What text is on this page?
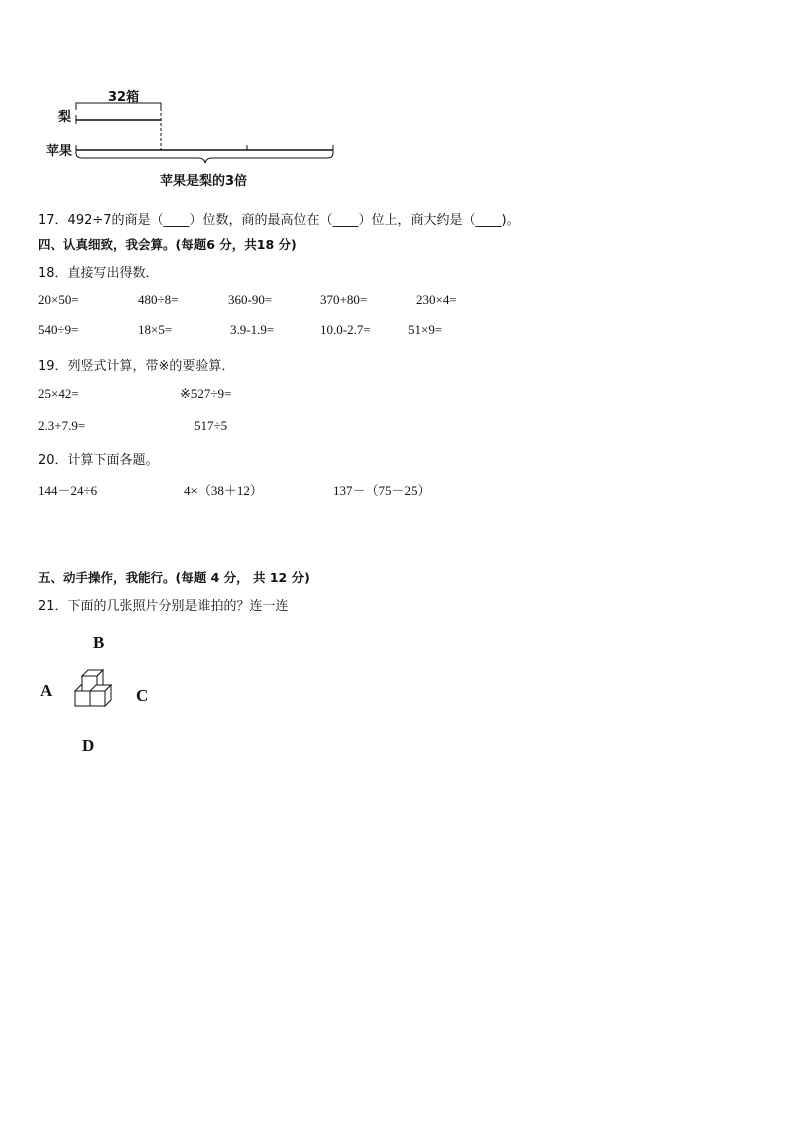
32箱
梨
苹果
苹果是梨的3倍
17．492÷7的商是（____）位数，商的最高位在（____）位上，商大约是（____)。
四、认真细致，我会算。(每题6 分，共18 分)
18．直接写出得数．
20×50=	480÷8=	360-90=	370+80=	230×4=
540÷9=	18×5=	3.9-1.9=	10.0-2.7=	51×9=
19．列竖式计算，带※的要验算．
25×42=	※527÷9=
2.3+7.9=	517÷5
20．计算下面各题。
144－24÷6	4×（38＋12）	137－（75－25）
五、动手操作，我能行。(每题 4 分， 共 12 分)
21．下面的几张照片分别是谁拍的？连一连
B
A	C
D
